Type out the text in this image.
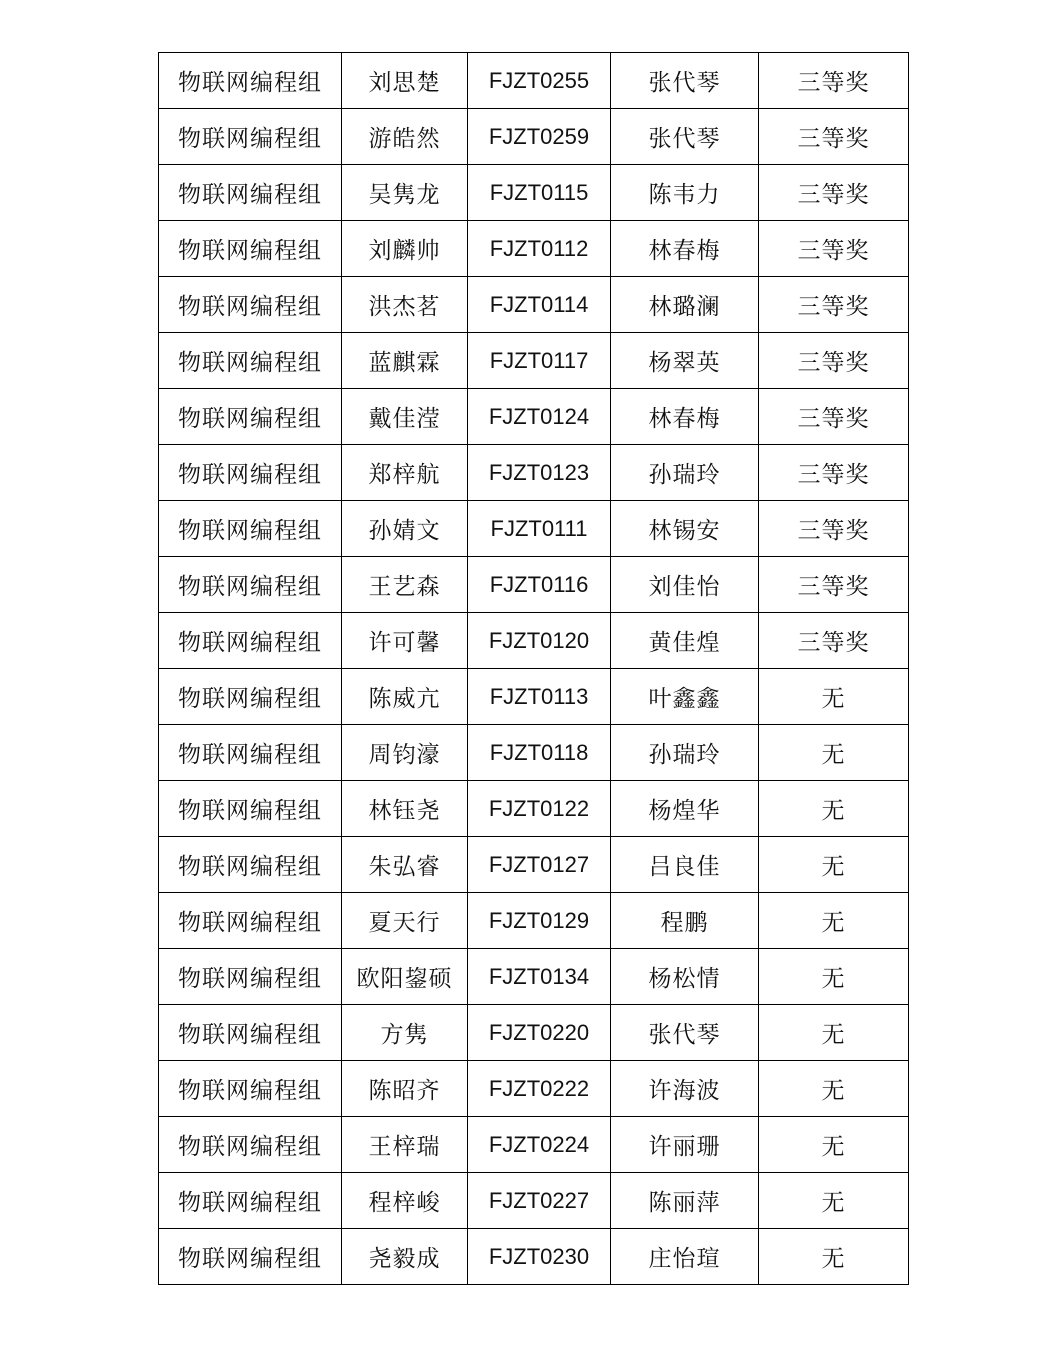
物联网编程组	刘思楚	FJZT0255	张代琴	三等奖
物联网编程组	游皓然	FJZT0259	张代琴	三等奖
物联网编程组	吴隽龙	FJZT0115	陈韦力	三等奖
物联网编程组	刘麟帅	FJZT0112	林春梅	三等奖
物联网编程组	洪杰茗	FJZT0114	林璐澜	三等奖
物联网编程组	蓝麒霖	FJZT0117	杨翠英	三等奖
物联网编程组	戴佳滢	FJZT0124	林春梅	三等奖
物联网编程组	郑梓航	FJZT0123	孙瑞玲	三等奖
物联网编程组	孙婧文	FJZT0111	林锡安	三等奖
物联网编程组	王艺森	FJZT0116	刘佳怡	三等奖
物联网编程组	许可馨	FJZT0120	黄佳煌	三等奖
物联网编程组	陈威亢	FJZT0113	叶鑫鑫	无
物联网编程组	周钧濠	FJZT0118	孙瑞玲	无
物联网编程组	林钰尧	FJZT0122	杨煌华	无
物联网编程组	朱弘睿	FJZT0127	吕良佳	无
物联网编程组	夏天行	FJZT0129	程鹏	无
物联网编程组	欧阳鋆硕	FJZT0134	杨松情	无
物联网编程组	方隽	FJZT0220	张代琴	无
物联网编程组	陈昭齐	FJZT0222	许海波	无
物联网编程组	王梓瑞	FJZT0224	许丽珊	无
物联网编程组	程梓峻	FJZT0227	陈丽萍	无
物联网编程组	尧毅成	FJZT0230	庄怡瑄	无
